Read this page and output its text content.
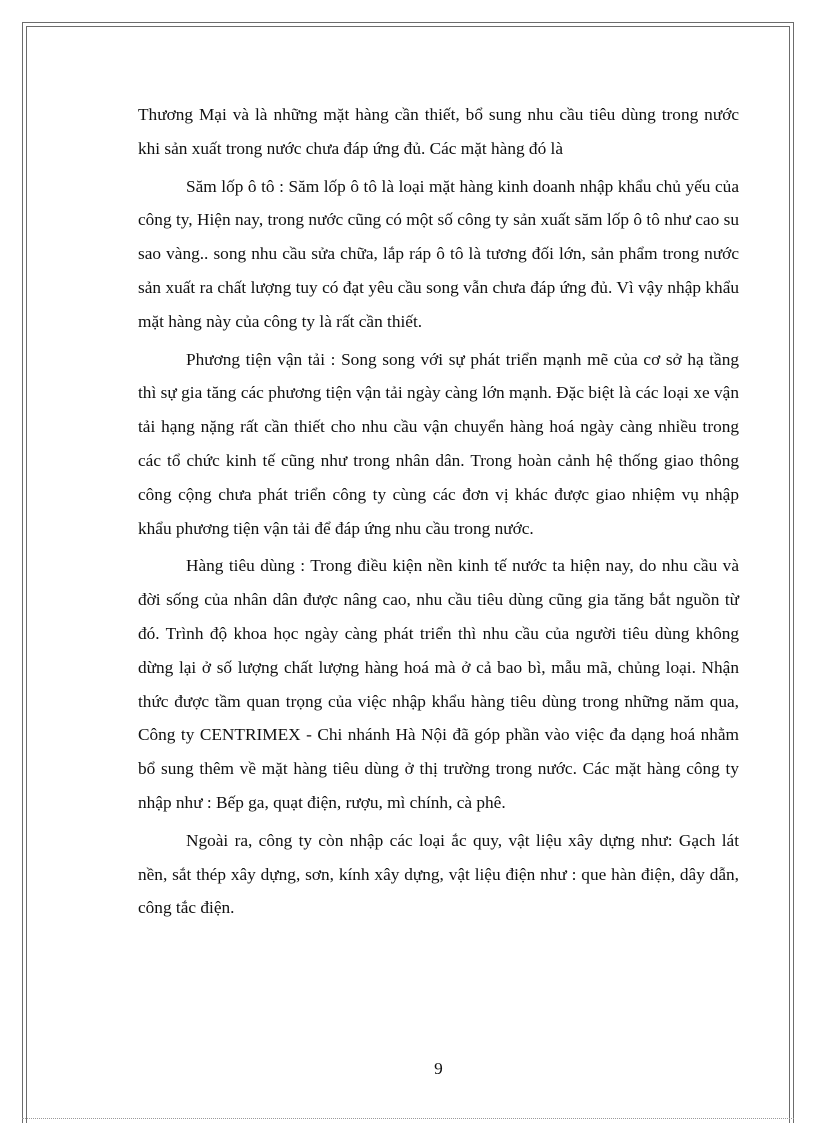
Thương Mại và là những mặt hàng cần thiết, bổ sung nhu cầu tiêu dùng trong nước khi sản xuất trong nước chưa đáp ứng đủ. Các mặt hàng đó là

Săm lốp ô tô : Săm lốp ô tô là loại mặt hàng kinh doanh nhập khẩu chủ yếu của công ty, Hiện nay, trong nước cũng có một số công ty sản xuất săm lốp ô tô như cao su sao vàng.. song nhu cầu sửa chữa, lắp ráp ô tô là tương đối lớn, sản phẩm trong nước sản xuất ra chất lượng tuy có đạt yêu cầu song vẫn chưa đáp ứng đủ. Vì vậy nhập khẩu mặt hàng này của công ty là rất cần thiết.

Phương tiện vận tải : Song song với sự phát triển mạnh mẽ của cơ sở hạ tầng thì sự gia tăng các phương tiện vận tải ngày càng lớn mạnh. Đặc biệt là các loại xe vận tải hạng nặng rất cần thiết cho nhu cầu vận chuyển hàng hoá ngày càng nhiều trong các tổ chức kinh tế cũng như trong nhân dân. Trong hoàn cảnh hệ thống giao thông công cộng chưa phát triển công ty cùng các đơn vị khác được giao nhiệm vụ nhập khẩu phương tiện vận tải để đáp ứng nhu cầu trong nước.

Hàng tiêu dùng : Trong điều kiện nền kinh tế nước ta hiện nay, do nhu cầu và đời sống của nhân dân được nâng cao, nhu cầu tiêu dùng cũng gia tăng bắt nguồn từ đó. Trình độ khoa học ngày càng phát triển thì nhu cầu của người tiêu dùng không dừng lại ở số lượng chất lượng hàng hoá mà ở cả bao bì, mẫu mã, chủng loại. Nhận thức được tầm quan trọng của việc nhập khẩu hàng tiêu dùng trong những năm qua, Công ty CENTRIMEX - Chi nhánh Hà Nội đã góp phần vào việc đa dạng hoá nhằm bổ sung thêm về mặt hàng tiêu dùng ở thị trường trong nước. Các mặt hàng công ty nhập như : Bếp ga, quạt điện, rượu, mì chính, cà phê.

Ngoài ra, công ty còn nhập các loại ắc quy, vật liệu xây dựng như: Gạch lát nền, sắt thép xây dựng, sơn, kính xây dựng, vật liệu điện như : que hàn điện, dây dẫn, công tắc điện.

9
